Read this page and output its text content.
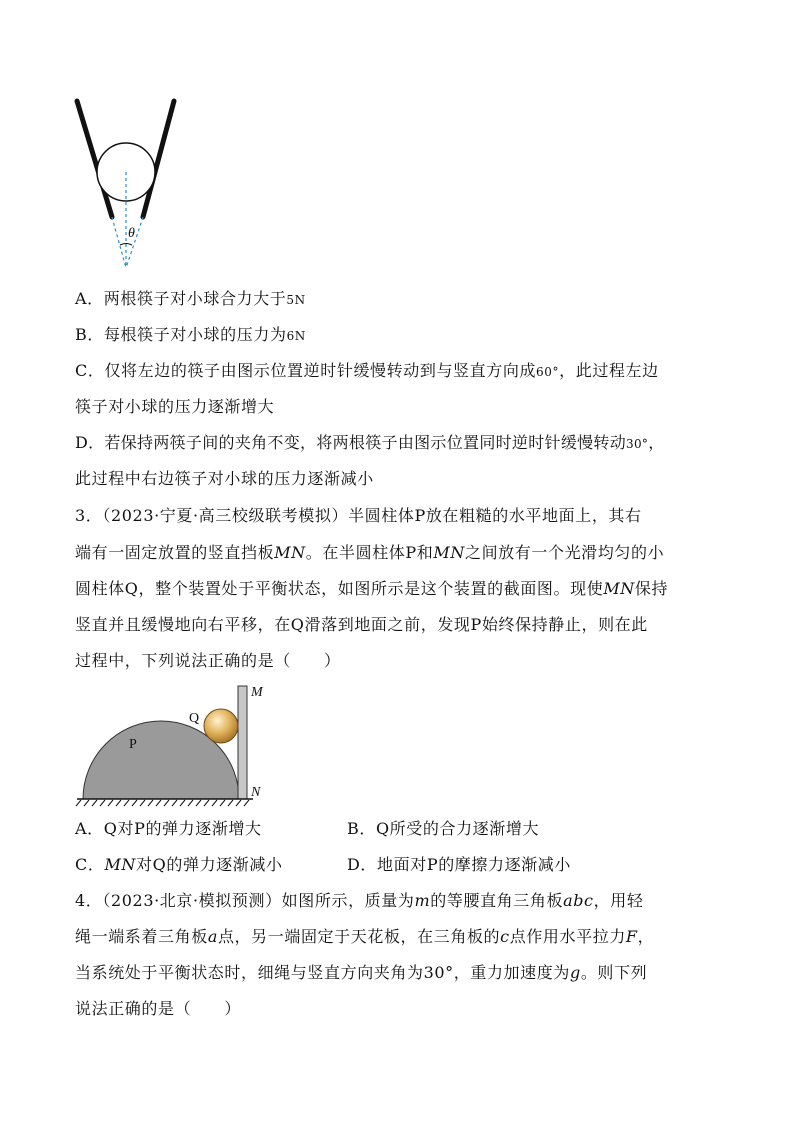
θ
A．两根筷子对小球合力大于5N
B．每根筷子对小球的压力为6N
C．仅将左边的筷子由图示位置逆时针缓慢转动到与竖直方向成60°，此过程左边
筷子对小球的压力逐渐增大
D．若保持两筷子间的夹角不变，将两根筷子由图示位置同时逆时针缓慢转动30°，
此过程中右边筷子对小球的压力逐渐减小
3．（2023·宁夏·高三校级联考模拟）半圆柱体P放在粗糙的水平地面上，其右
端有一固定放置的竖直挡板MN。在半圆柱体P和MN之间放有一个光滑均匀的小
圆柱体Q，整个装置处于平衡状态，如图所示是这个装置的截面图。现使MN保持
竖直并且缓慢地向右平移，在Q滑落到地面之前，发现P始终保持静止，则在此
过程中，下列说法正确的是（　　）
P
Q
M
N
A．Q对P的弹力逐渐增大	B．Q所受的合力逐渐增大
C．MN对Q的弹力逐渐减小	D．地面对P的摩擦力逐渐减小
4．（2023·北京·模拟预测）如图所示，质量为m的等腰直角三角板abc，用轻
绳一端系着三角板a点，另一端固定于天花板，在三角板的c点作用水平拉力F，
当系统处于平衡状态时，细绳与竖直方向夹角为30°，重力加速度为g。则下列
说法正确的是（　　）
